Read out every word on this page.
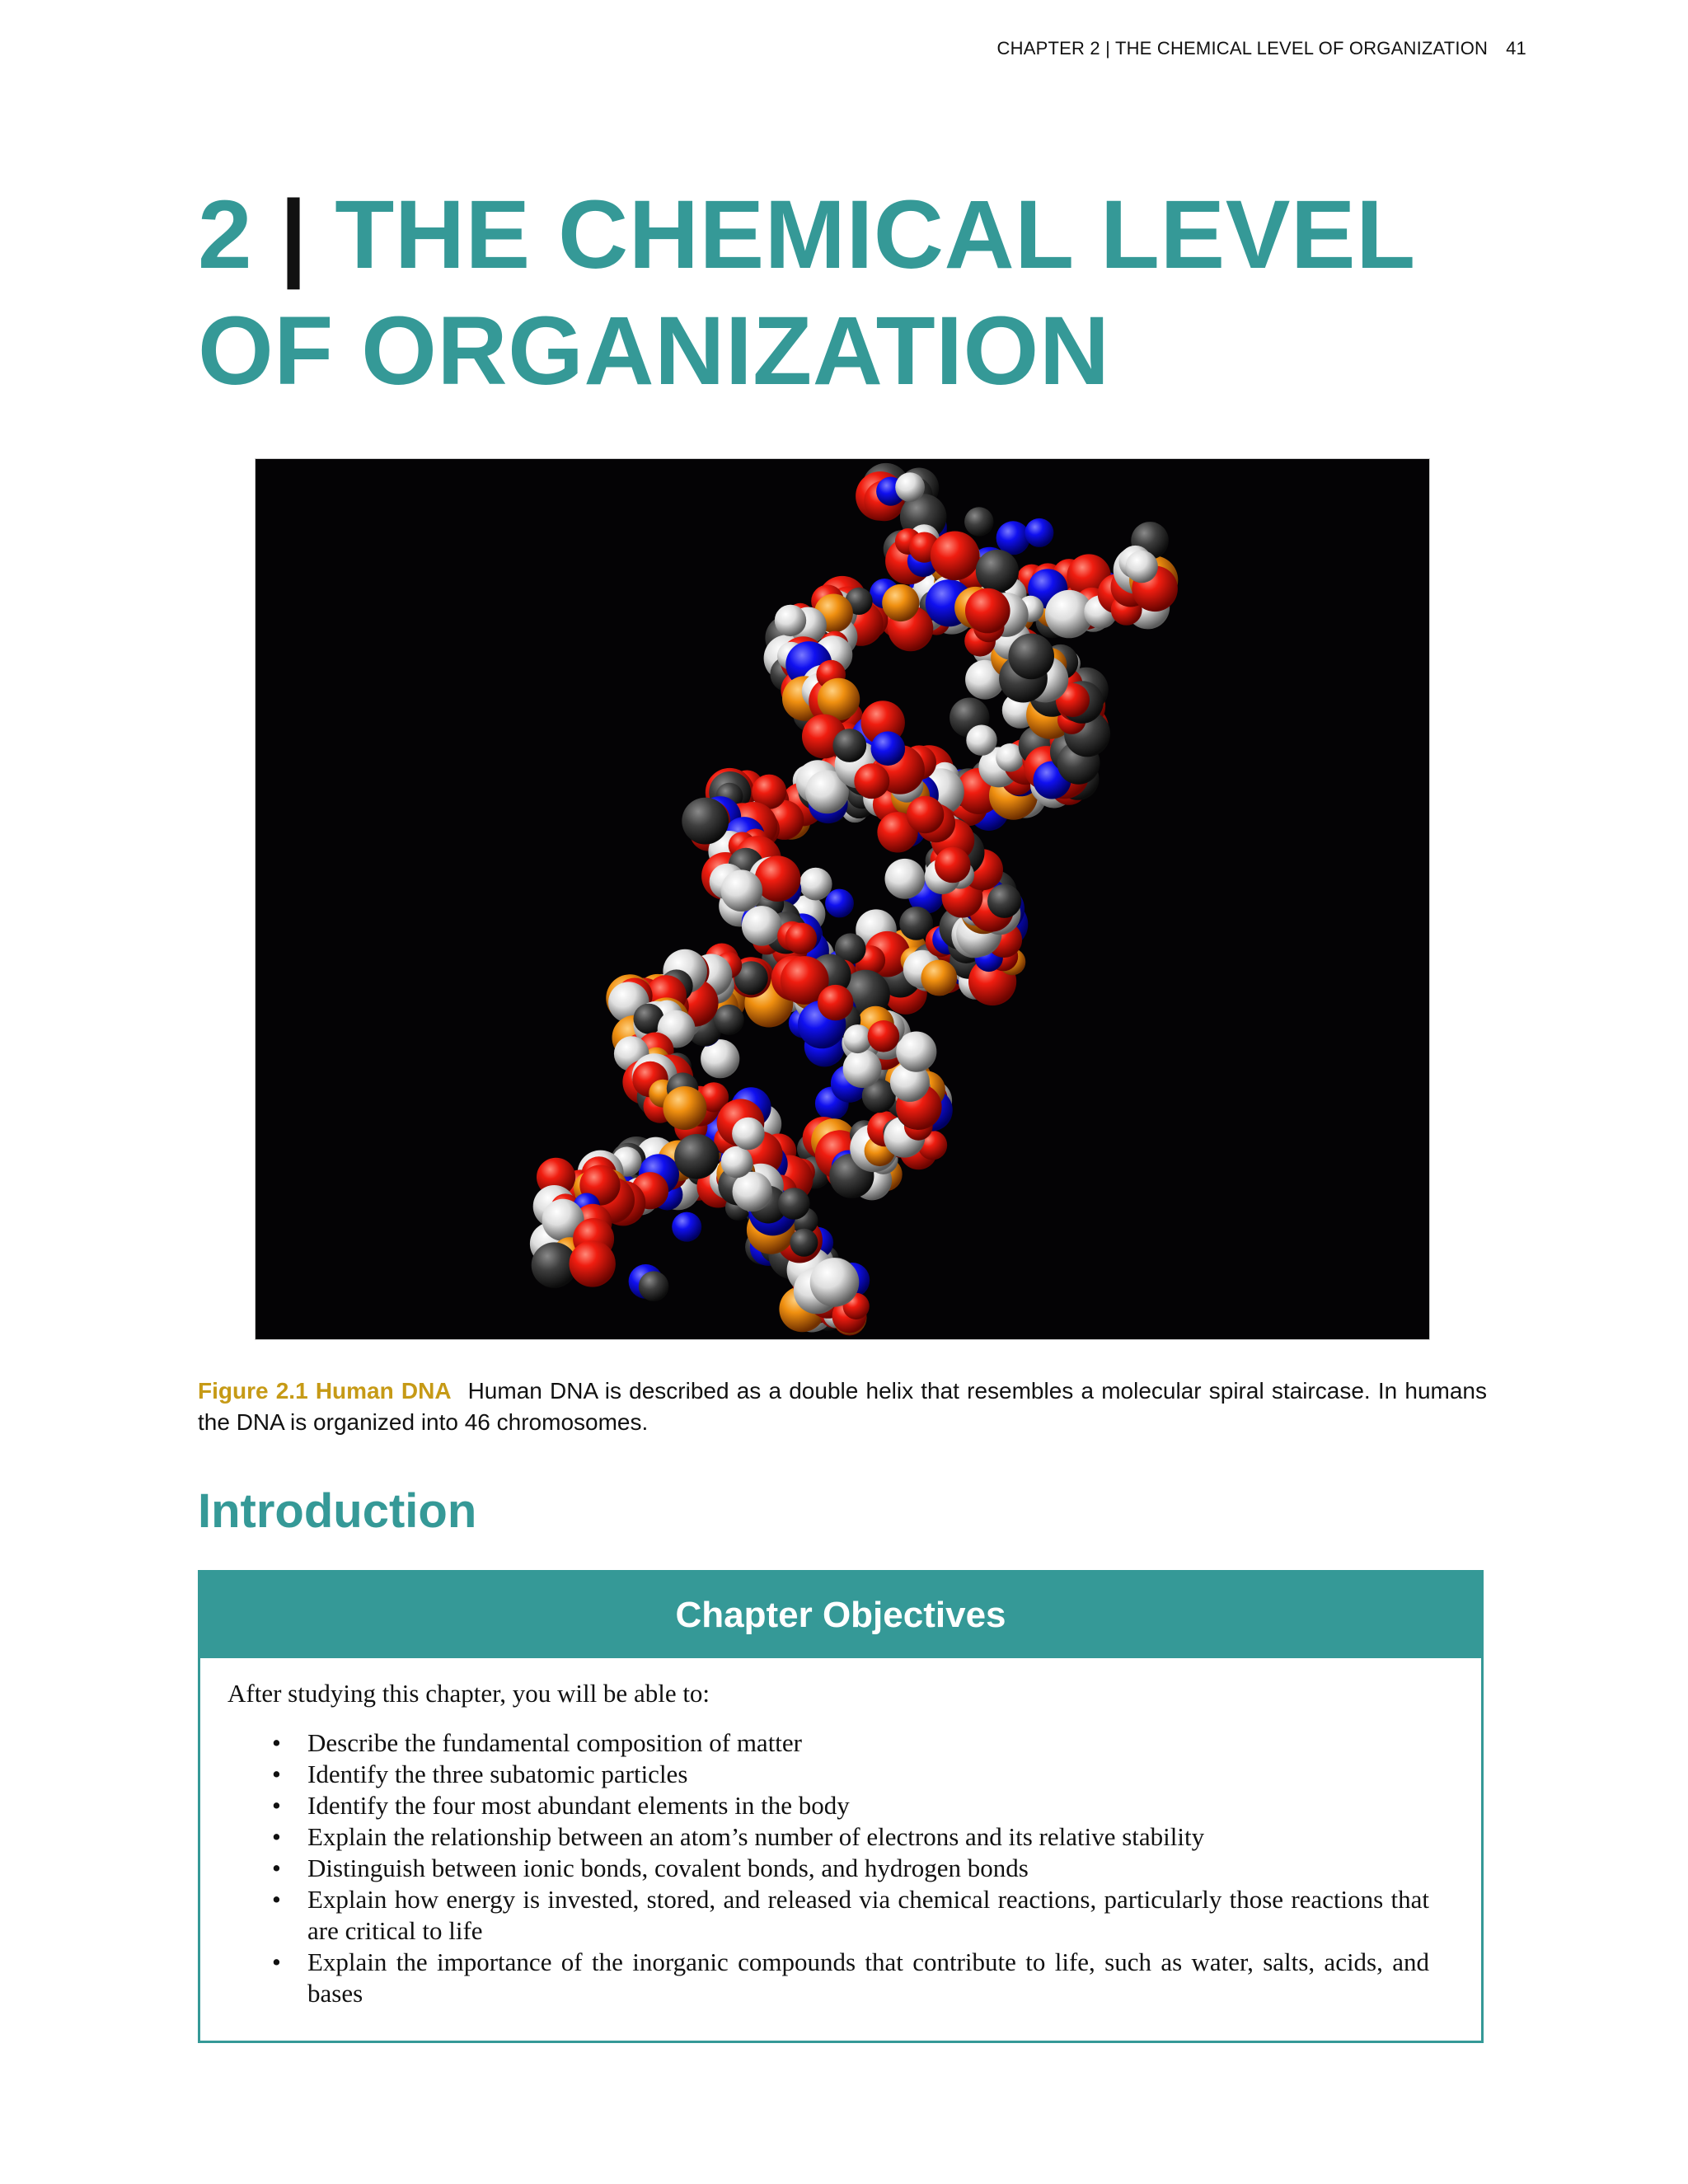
CHAPTER 2 | THE CHEMICAL LEVEL OF ORGANIZATION 41
2 | THE CHEMICAL LEVEL
OF ORGANIZATION
Figure 2.1 Human DNA Human DNA is described as a double helix that resembles a molecular spiral staircase. In humans the DNA is organized into 46 chromosomes.
Introduction
Chapter Objectives

After studying this chapter, you will be able to:

• Describe the fundamental composition of matter
• Identify the three subatomic particles
• Identify the four most abundant elements in the body
• Explain the relationship between an atom’s number of electrons and its relative stability
• Distinguish between ionic bonds, covalent bonds, and hydrogen bonds
• Explain how energy is invested, stored, and released via chemical reactions, particularly those reactions that are critical to life
• Explain the importance of the inorganic compounds that contribute to life, such as water, salts, acids, and bases
